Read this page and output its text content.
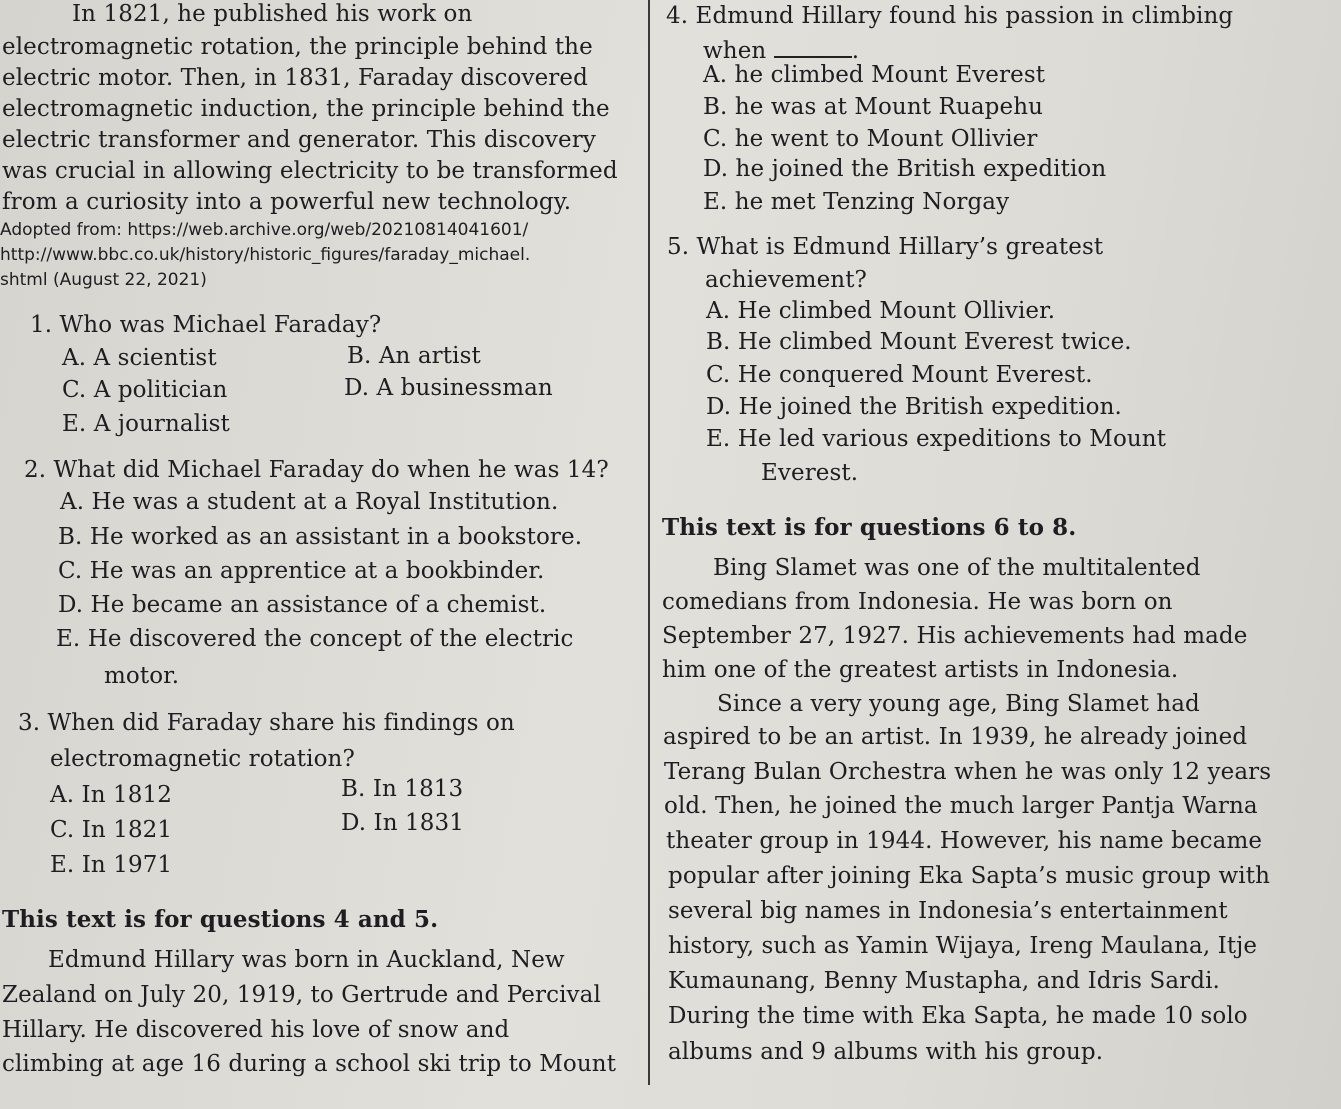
In 1821, he published his work on
electromagnetic rotation, the principle behind the
electric motor. Then, in 1831, Faraday discovered
electromagnetic induction, the principle behind the
electric transformer and generator. This discovery
was crucial in allowing electricity to be transformed
from a curiosity into a powerful new technology.
Adopted from: https://web.archive.org/web/20210814041601/
http://www.bbc.co.uk/history/historic_figures/faraday_michael.
shtml (August 22, 2021)
1. Who was Michael Faraday?
A. A scientist	B. An artist
C. A politician	D. A businessman
E. A journalist
2. What did Michael Faraday do when he was 14?
A. He was a student at a Royal Institution.
B. He worked as an assistant in a bookstore.
C. He was an apprentice at a bookbinder.
D. He became an assistance of a chemist.
E. He discovered the concept of the electric
motor.
3. When did Faraday share his findings on
electromagnetic rotation?
A. In 1812	B. In 1813
C. In 1821	D. In 1831
E. In 1971
This text is for questions 4 and 5.
Edmund Hillary was born in Auckland, New
Zealand on July 20, 1919, to Gertrude and Percival
Hillary. He discovered his love of snow and
climbing at age 16 during a school ski trip to Mount
4. Edmund Hillary found his passion in climbing
when	.
A. he climbed Mount Everest
B. he was at Mount Ruapehu
C. he went to Mount Ollivier
D. he joined the British expedition
E. he met Tenzing Norgay
5. What is Edmund Hillary’s greatest
achievement?
A. He climbed Mount Ollivier.
B. He climbed Mount Everest twice.
C. He conquered Mount Everest.
D. He joined the British expedition.
E. He led various expeditions to Mount
Everest.
This text is for questions 6 to 8.
Bing Slamet was one of the multitalented
comedians from Indonesia. He was born on
September 27, 1927. His achievements had made
him one of the greatest artists in Indonesia.
Since a very young age, Bing Slamet had
aspired to be an artist. In 1939, he already joined
Terang Bulan Orchestra when he was only 12 years
old. Then, he joined the much larger Pantja Warna
theater group in 1944. However, his name became
popular after joining Eka Sapta’s music group with
several big names in Indonesia’s entertainment
history, such as Yamin Wijaya, Ireng Maulana, Itje
Kumaunang, Benny Mustapha, and Idris Sardi.
During the time with Eka Sapta, he made 10 solo
albums and 9 albums with his group.
